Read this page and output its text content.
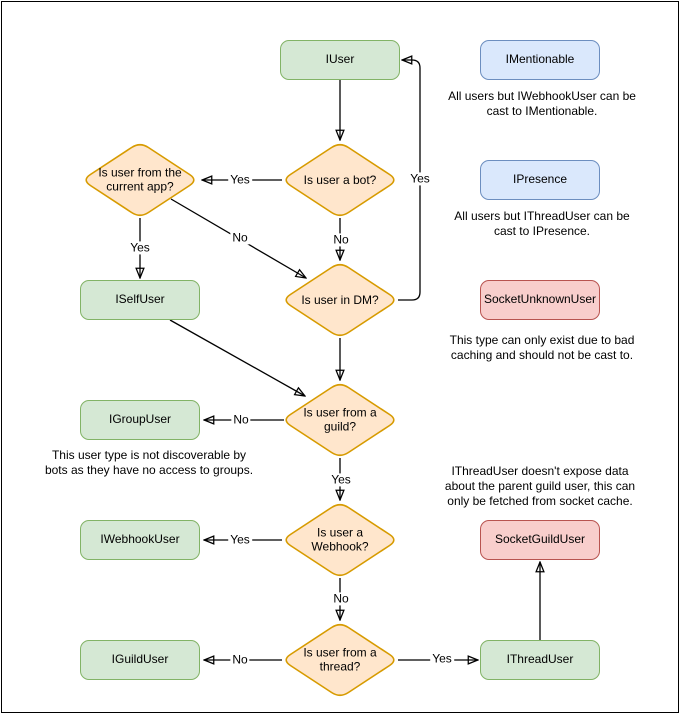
IUser	IMentionable
IPresence
ISelfUser	SocketUnknownUser
IGroupUser
IWebhookUser	SocketGuildUser
IGuildUser	IThreadUser
Is user from the current app?
Is user a bot?
Is user in DM?
Is user from a guild?
Is user a Webhook?
Is user from a thread?
Yes
No
Yes
No
Yes
No
Yes
Yes
No
No	Yes
All users but IWebhookUser can be cast to IMentionable.
All users but IThreadUser can be cast to IPresence.
This type can only exist due to bad caching and should not be cast to.
This user type is not discoverable by bots as they have no access to groups.	IThreadUser doesn't expose data about the parent guild user, this can only be fetched from socket cache.
